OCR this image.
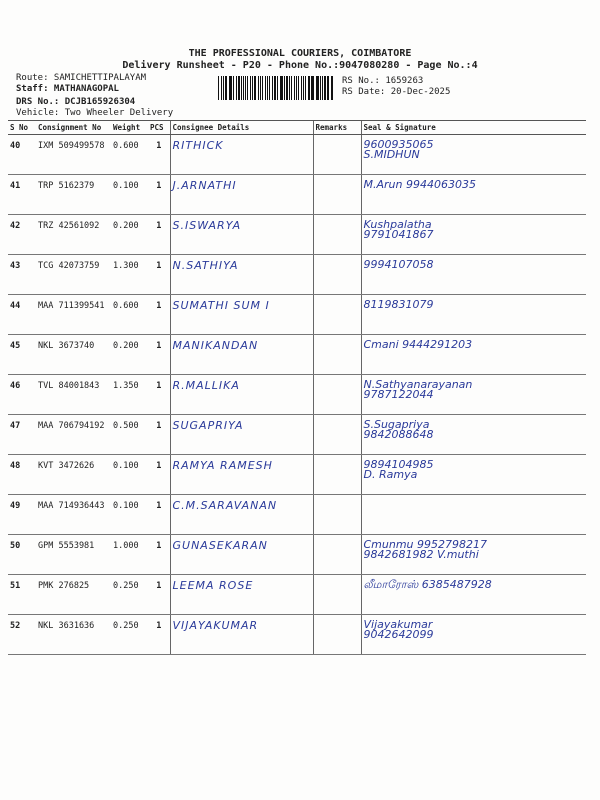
THE PROFESSIONAL COURIERS, COIMBATORE
Delivery Runsheet - P20 - Phone No.:9047080280 - Page No.:4
Route: SAMICHETTIPALAYAM
Staff: MATHANAGOPAL
DRS No.: DCJB165926304
Vehicle: Two Wheeler Delivery
RS No.: 1659263
RS Date: 20-Dec-2025
S No	Consignment No	Weight	PCS	Consignee Details	Remarks	Seal & Signature
40	IXM 509499578	0.600	1	RITHICK		9600935065
S.MIDHUN

41	TRP 5162379	0.100	1	J.ARNATHI		M.Arun 9944063035

42	TRZ 42561092	0.200	1	S.ISWARYA		Kushpalatha
9791041867

43	TCG 42073759	1.300	1	N.SATHIYA		9994107058

44	MAA 711399541	0.600	1	SUMATHI SUM I		8119831079

45	NKL 3673740	0.200	1	MANIKANDAN		Cmani 9444291203

46	TVL 84001843	1.350	1	R.MALLIKA		N.Sathyanarayanan
9787122044

47	MAA 706794192	0.500	1	SUGAPRIYA		S.Sugapriya
9842088648

48	KVT 3472626	0.100	1	RAMYA RAMESH		9894104985
D. Ramya

49	MAA 714936443	0.100	1	C.M.SARAVANAN		

50	GPM 5553981	1.000	1	GUNASEKARAN		Cmunmu 9952798217
9842681982 V.muthi

51	PMK 276825	0.250	1	LEEMA ROSE		லீமாரோஸ் 6385487928

52	NKL 3631636	0.250	1	VIJAYAKUMAR		Vijayakumar
9042642099
